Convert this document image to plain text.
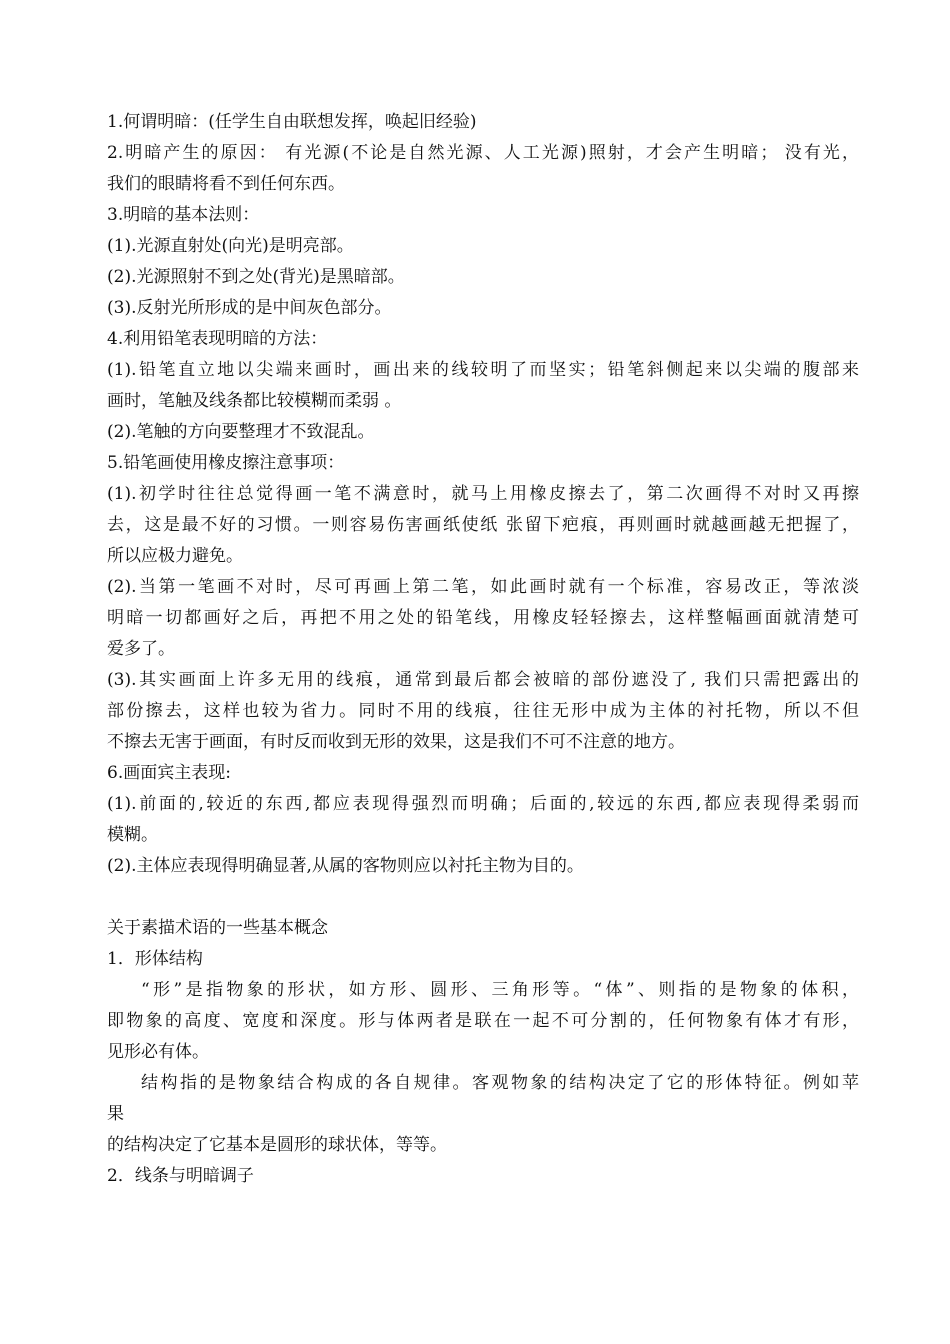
1.何谓明暗：(任学生自由联想发挥，唤起旧经验)
2.明暗产生的原因： 有光源(不论是自然光源、人工光源)照射，才会产生明暗； 没有光，
我们的眼睛将看不到任何东西。
3.明暗的基本法则：
(1).光源直射处(向光)是明亮部。
(2).光源照射不到之处(背光)是黑暗部。
(3).反射光所形成的是中间灰色部分。
4.利用铅笔表现明暗的方法：
(1).铅笔直立地以尖端来画时，画出来的线较明了而坚实；铅笔斜侧起来以尖端的腹部来
画时，笔触及线条都比较模糊而柔弱 。
(2).笔触的方向要整理才不致混乱。
5.铅笔画使用橡皮擦注意事项：
(1).初学时往往总觉得画一笔不满意时，就马上用橡皮擦去了，第二次画得不对时又再擦
去，这是最不好的习惯。一则容易伤害画纸使纸 张留下疤痕，再则画时就越画越无把握了，
所以应极力避免。
(2).当第一笔画不对时，尽可再画上第二笔，如此画时就有一个标准，容易改正，等浓淡
明暗一切都画好之后，再把不用之处的铅笔线，用橡皮轻轻擦去，这样整幅画面就清楚可
爱多了。
(3).其实画面上许多无用的线痕，通常到最后都会被暗的部份遮没了, 我们只需把露出的
部份擦去，这样也较为省力。同时不用的线痕，往往无形中成为主体的衬托物，所以不但
不擦去无害于画面，有时反而收到无形的效果，这是我们不可不注意的地方。
6.画面宾主表现:
(1).前面的,较近的东西,都应表现得强烈而明确；后面的,较远的东西,都应表现得柔弱而
模糊。
(2).主体应表现得明确显著,从属的客物则应以衬托主物为目的。
关于素描术语的一些基本概念
1．形体结构
“形”是指物象的形状，如方形、圆形、三角形等。“体”、则指的是物象的体积，
即物象的高度、宽度和深度。形与体两者是联在一起不可分割的，任何物象有体才有形，
见形必有体。
结构指的是物象结合构成的各自规律。客观物象的结构决定了它的形体特征。例如苹
果
的结构决定了它基本是圆形的球状体，等等。
2．线条与明暗调子
